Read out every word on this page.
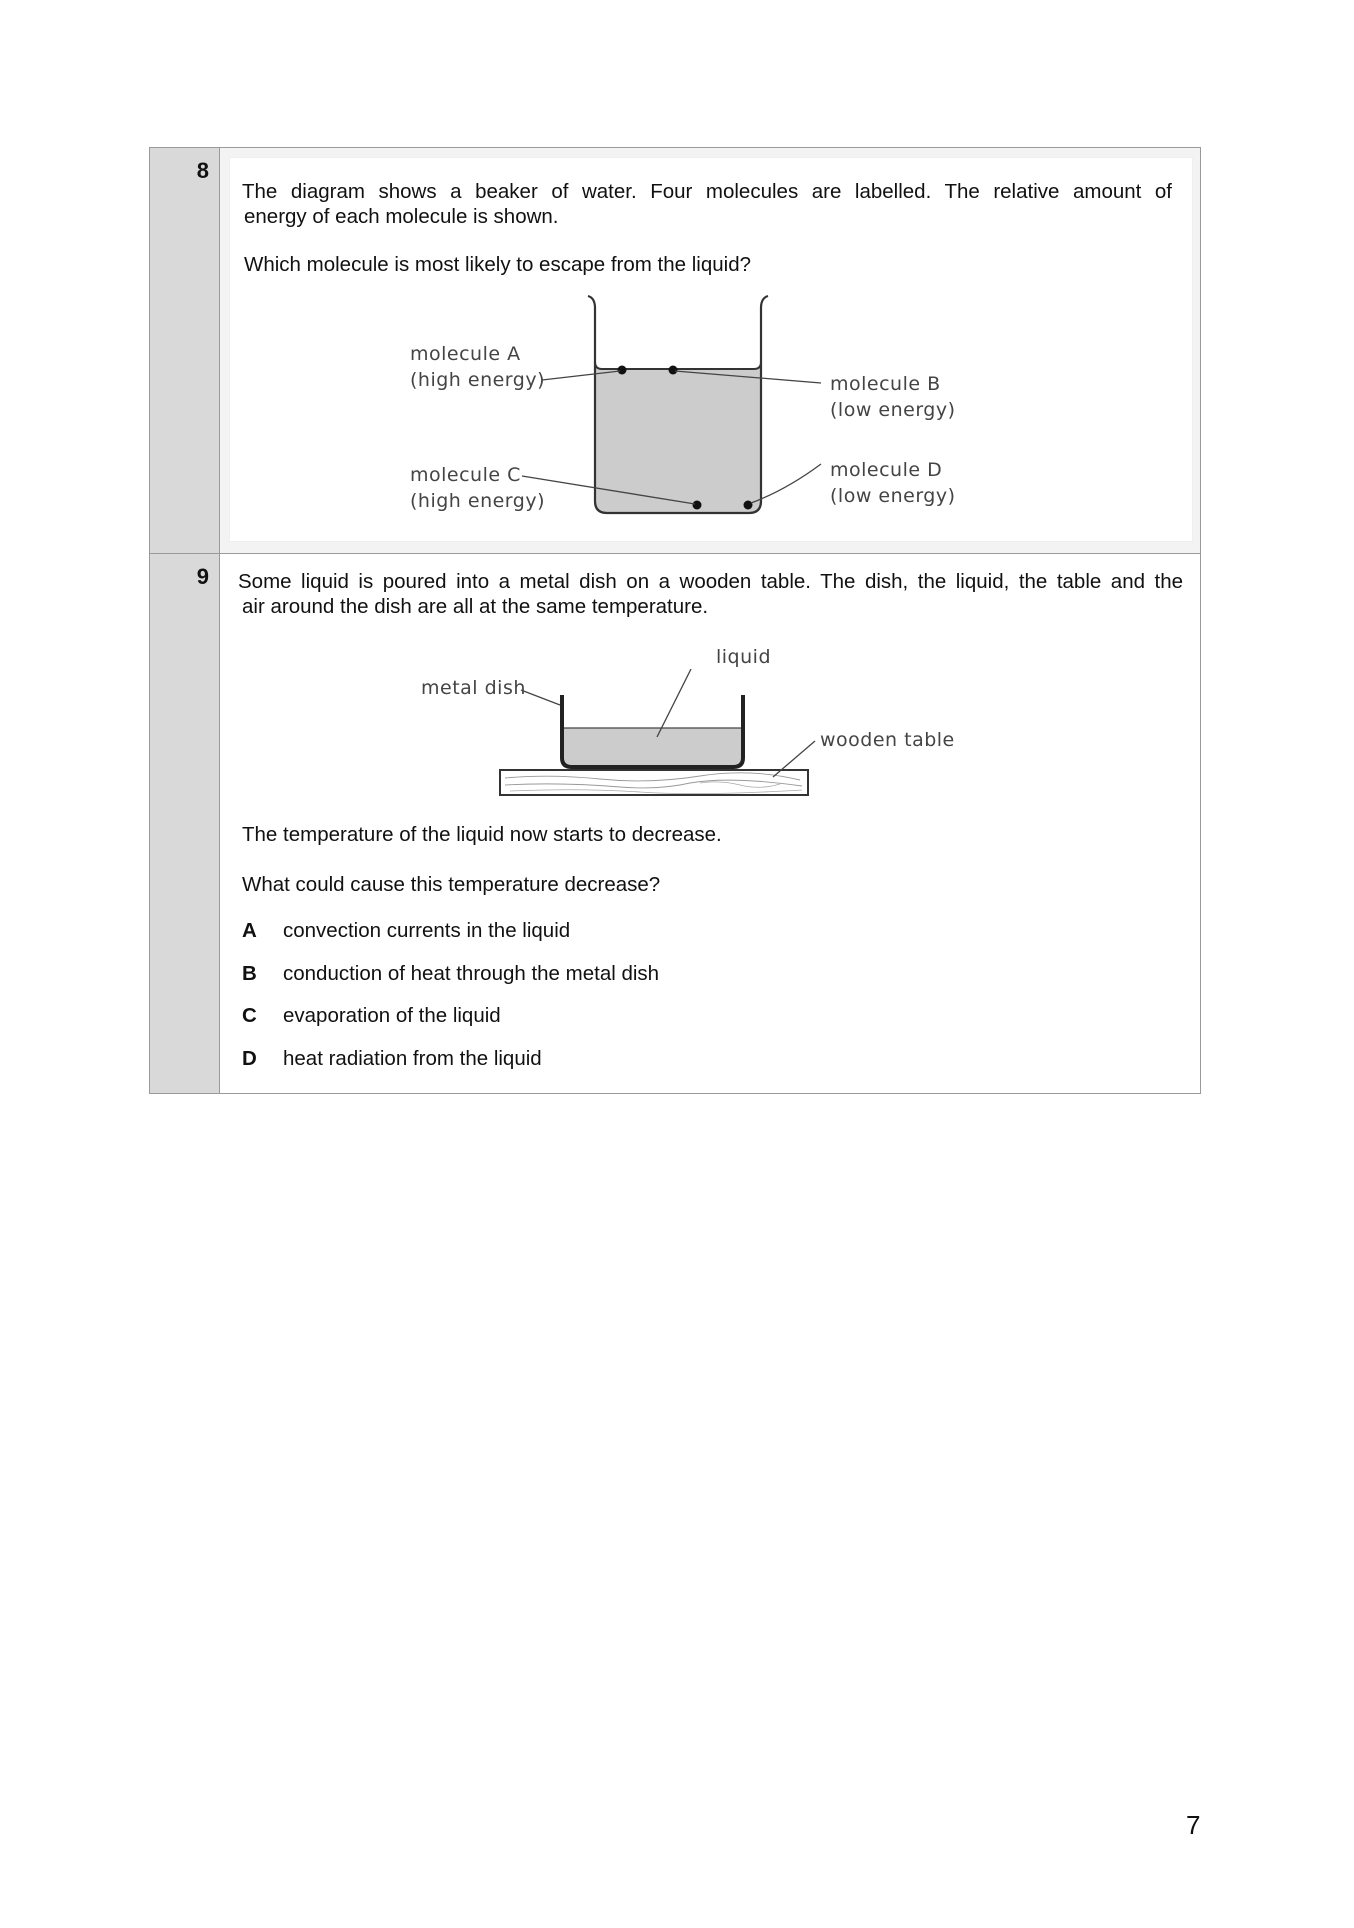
8

The diagram shows a beaker of water. Four molecules are labelled. The relative amount of

energy of each molecule is shown.

Which molecule is most likely to escape from the liquid?

molecule A
(high energy)	molecule B
(low energy)
molecule C
(high energy)
molecule D
(low energy)
9 Some liquid is poured into a metal dish on a wooden table. The dish, the liquid, the table and the

air around the dish are all at the same temperature.

liquid
metal dish
wooden table

The temperature of the liquid now starts to decrease.

What could cause this temperature decrease?

A convection currents in the liquid
B conduction of heat through the metal dish
C evaporation of the liquid
D heat radiation from the liquid
7
